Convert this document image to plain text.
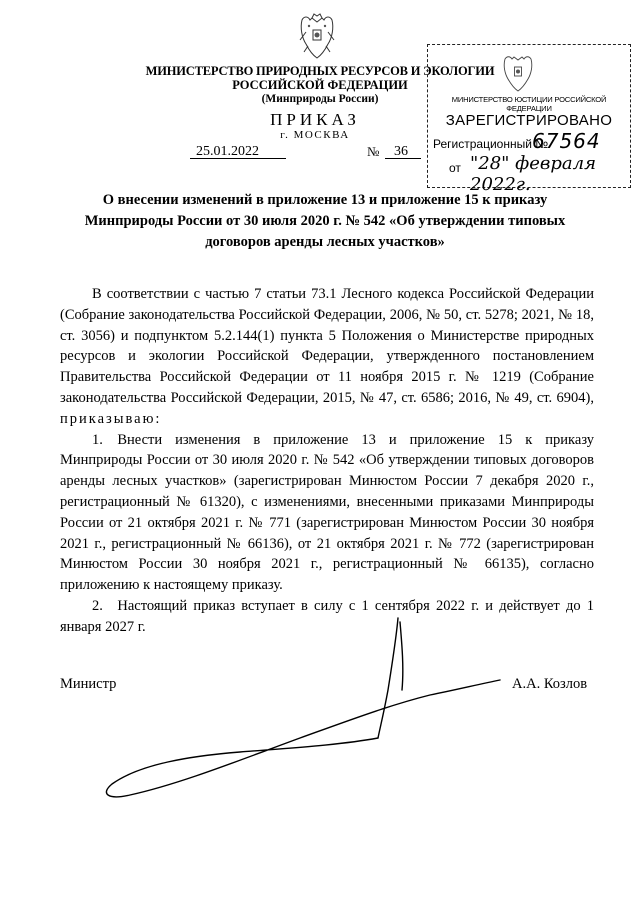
МИНИСТЕРСТВО ПРИРОДНЫХ РЕСУРСОВ И ЭКОЛОГИИ
РОССИЙСКОЙ ФЕДЕРАЦИИ
(Минприроды России)
ПРИКАЗ
г. МОСКВА
25.01.2022	№ 36
МИНИСТЕРСТВО ЮСТИЦИИ РОССИЙСКОЙ ФЕДЕРАЦИИ
ЗАРЕГИСТРИРОВАНО
Регистрационный №
67564
от "28" февраля 2022г.
О внесении изменений в приложение 13 и приложение 15 к приказу Минприроды России от 30 июля 2020 г. № 542 «Об утверждении типовых договоров аренды лесных участков»

В соответствии с частью 7 статьи 73.1 Лесного кодекса Российской Федерации (Собрание законодательства Российской Федерации, 2006, № 50, ст. 5278; 2021, № 18, ст. 3056) и подпунктом 5.2.144(1) пункта 5 Положения о Министерстве природных ресурсов и экологии Российской Федерации, утвержденного постановлением Правительства Российской Федерации от 11 ноября 2015 г. № 1219 (Собрание законодательства Российской Федерации, 2015, № 47, ст. 6586; 2016, № 49, ст. 6904), приказываю:

1. Внести изменения в приложение 13 и приложение 15 к приказу Минприроды России от 30 июля 2020 г. № 542 «Об утверждении типовых договоров аренды лесных участков» (зарегистрирован Минюстом России 7 декабря 2020 г., регистрационный № 61320), с изменениями, внесенными приказами Минприроды России от 21 октября 2021 г. № 771 (зарегистрирован Минюстом России 30 ноября 2021 г., регистрационный № 66136), от 21 октября 2021 г. № 772 (зарегистрирован Минюстом России 30 ноября 2021 г., регистрационный № 66135), согласно приложению к настоящему приказу.

2. Настоящий приказ вступает в силу с 1 сентября 2022 г. и действует до 1 января 2027 г.

Министр	А.А. Козлов
